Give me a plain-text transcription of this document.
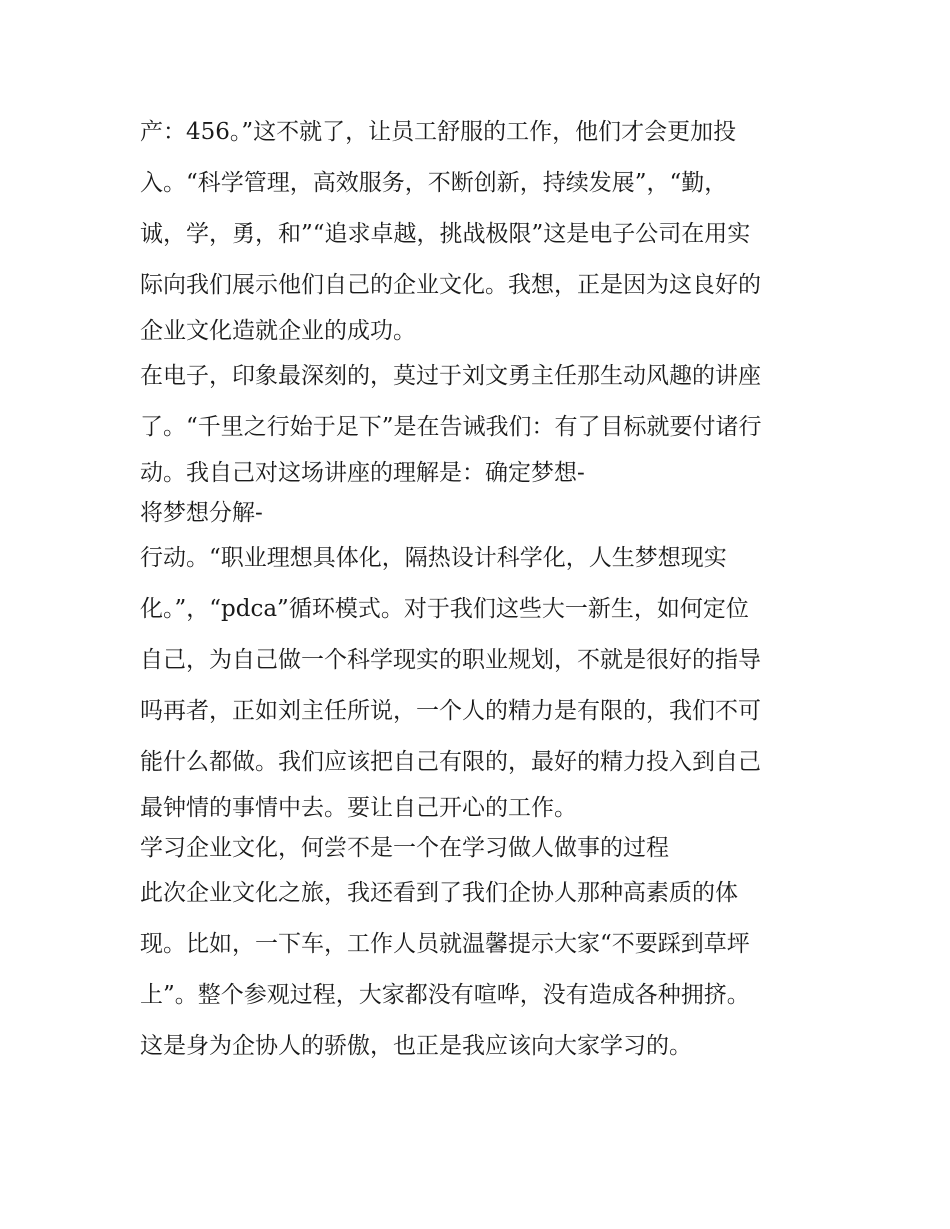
产：456。”这不就了，让员工舒服的工作，他们才会更加投

入。“科学管理，高效服务，不断创新，持续发展”，“勤，

诚，学，勇，和”“追求卓越，挑战极限”这是电子公司在用实

际向我们展示他们自己的企业文化。我想，正是因为这良好的

企业文化造就企业的成功。

在电子，印象最深刻的，莫过于刘文勇主任那生动风趣的讲座

了。“千里之行始于足下”是在告诫我们：有了目标就要付诸行

动。我自己对这场讲座的理解是：确定梦想-

将梦想分解-

行动。“职业理想具体化，隔热设计科学化，人生梦想现实

化。”，“pdca”循环模式。对于我们这些大一新生，如何定位

自己，为自己做一个科学现实的职业规划，不就是很好的指导

吗再者，正如刘主任所说，一个人的精力是有限的，我们不可

能什么都做。我们应该把自己有限的，最好的精力投入到自己

最钟情的事情中去。要让自己开心的工作。

学习企业文化，何尝不是一个在学习做人做事的过程

此次企业文化之旅，我还看到了我们企协人那种高素质的体

现。比如，一下车，工作人员就温馨提示大家“不要踩到草坪

上”。整个参观过程，大家都没有喧哗，没有造成各种拥挤。

这是身为企协人的骄傲，也正是我应该向大家学习的。
